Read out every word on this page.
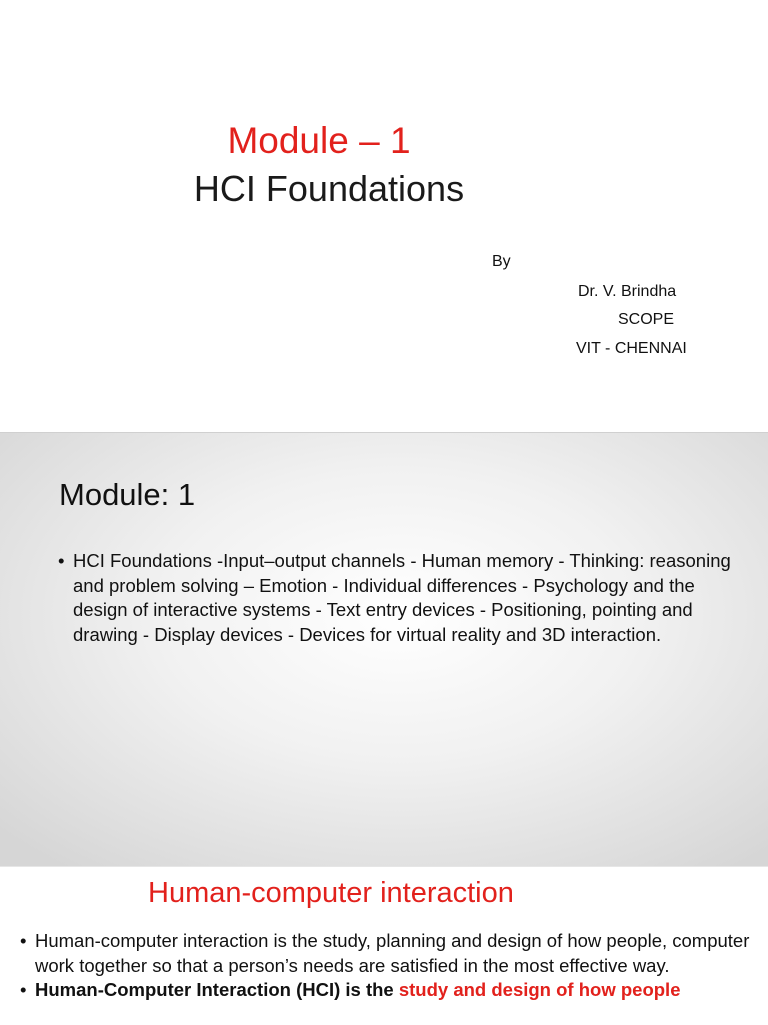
Module – 1
HCI Foundations
By
Dr. V. Brindha
SCOPE
VIT - CHENNAI
Module: 1
• HCI Foundations -Input–output channels - Human memory - Thinking: reasoning and problem solving – Emotion - Individual differences - Psychology and the design of interactive systems - Text entry devices - Positioning, pointing and drawing - Display devices - Devices for virtual reality and 3D interaction.
Human-computer interaction
• Human-computer interaction is the study, planning and design of how people, computer work together so that a person’s needs are satisfied in the most effective way.
• Human-Computer Interaction (HCI) is the study and design of how people
